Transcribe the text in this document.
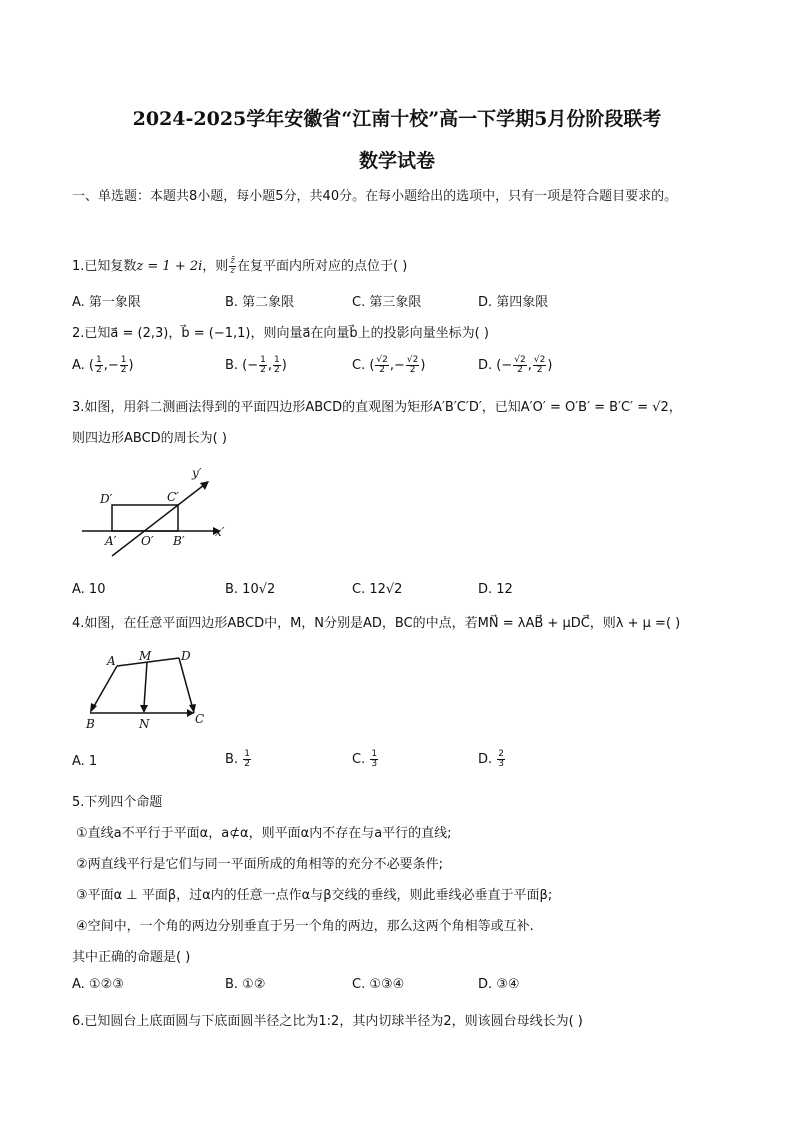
2024-2025学年安徽省“江南十校”高一下学期5月份阶段联考
数学试卷
一、单选题：本题共8小题，每小题5分，共40分。在每小题给出的选项中，只有一项是符合题目要求的。
1.已知复数z = 1 + 2i，则 $\frac{z̄}{z}$ 在复平面内所对应的点位于( )
A. 第一象限	B. 第二象限	C. 第三象限	D. 第四象限
2.已知a⃗ = (2,3)，b⃗ = (−1,1)，则向量a⃗在向量b⃗上的投影向量坐标为( )
A. ( $\frac{1}{2}$ ,− $\frac{1}{2}$ )	B. (− $\frac{1}{2}$ , $\frac{1}{2}$ )	C. ( $\frac{√2}{2}$ ,− $\frac{√2}{2}$ )	D. (− $\frac{√2}{2}$ , $\frac{√2}{2}$ )
3.如图，用斜二测画法得到的平面四边形ABCD的直观图为矩形A′B′C′D′，已知A′O′ = O′B′ = B′C′ = √2，
则四边形ABCD的周长为( )
D′	C′
y′
x′
A′ O′ B′
A. 10	B. 10√2	C. 12√2	D. 12
4.如图，在任意平面四边形ABCD中，M，N分别是AD，BC的中点，若MN⃗ = λAB⃗ + μDC⃗，则λ + μ =( )
A M D
B	N	C
A. 1	B. $\frac{1}{2}$	C. $\frac{1}{3}$	D. $\frac{2}{3}$
5.下列四个命题
①直线a不平行于平面α，a⊄α，则平面α内不存在与a平行的直线;
②两直线平行是它们与同一平面所成的角相等的充分不必要条件;
③平面α ⊥ 平面β，过α内的任意一点作α与β交线的垂线，则此垂线必垂直于平面β;
④空间中，一个角的两边分别垂直于另一个角的两边，那么这两个角相等或互补.
其中正确的命题是( )
A. ①②③	B. ①②	C. ①③④	D. ③④
6.已知圆台上底面圆与下底面圆半径之比为1:2，其内切球半径为2，则该圆台母线长为( )
